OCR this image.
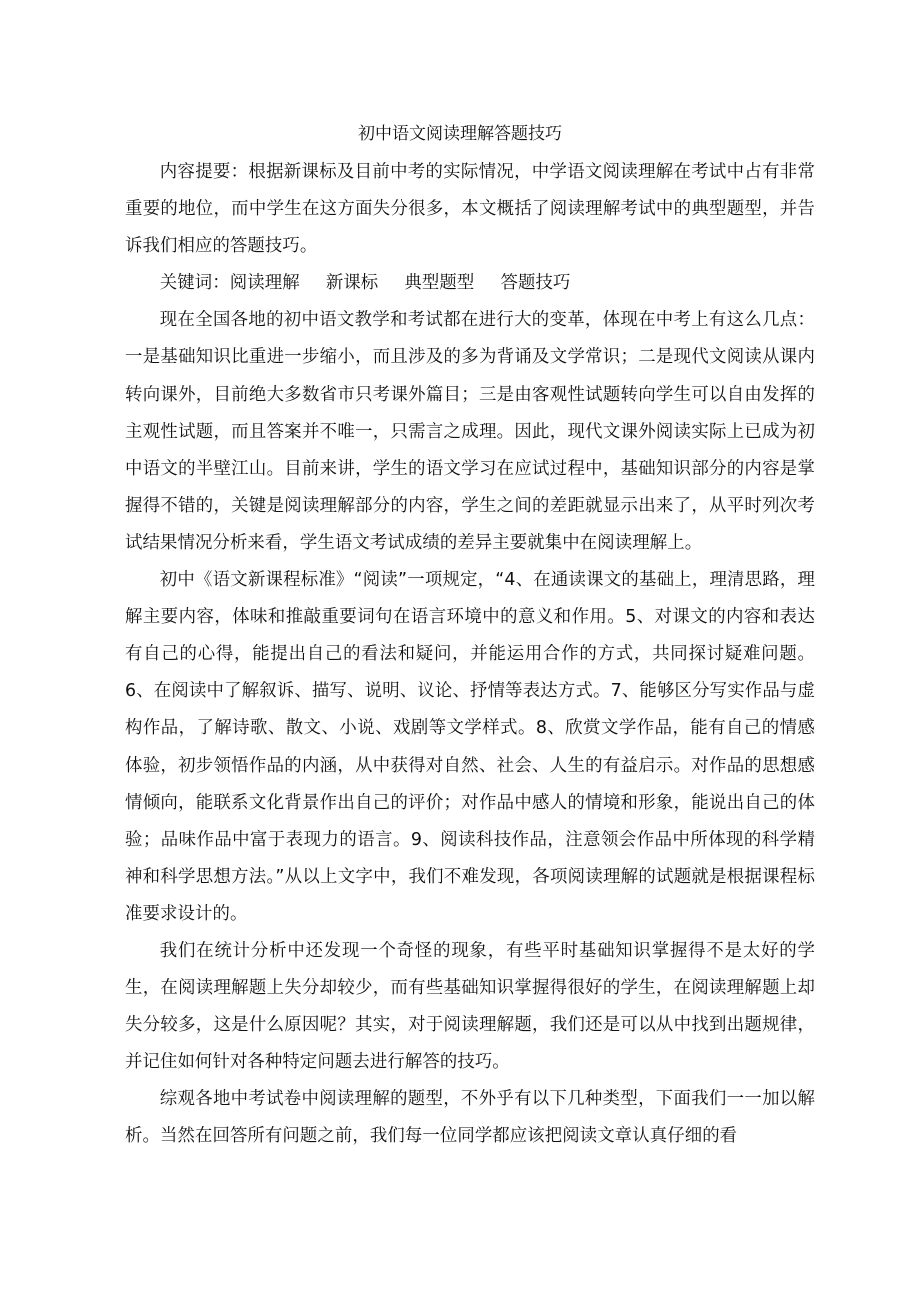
初中语文阅读理解答题技巧

内容提要：根据新课标及目前中考的实际情况，中学语文阅读理解在考试中占有非常重要的地位，而中学生在这方面失分很多，本文概括了阅读理解考试中的典型题型，并告诉我们相应的答题技巧。

关键词：阅读理解 新课标 典型题型 答题技巧

现在全国各地的初中语文教学和考试都在进行大的变革，体现在中考上有这么几点：一是基础知识比重进一步缩小，而且涉及的多为背诵及文学常识；二是现代文阅读从课内转向课外，目前绝大多数省市只考课外篇目；三是由客观性试题转向学生可以自由发挥的主观性试题，而且答案并不唯一，只需言之成理。因此，现代文课外阅读实际上已成为初中语文的半壁江山。目前来讲，学生的语文学习在应试过程中，基础知识部分的内容是掌握得不错的，关键是阅读理解部分的内容，学生之间的差距就显示出来了，从平时列次考试结果情况分析来看，学生语文考试成绩的差异主要就集中在阅读理解上。

初中《语文新课程标准》“阅读”一项规定，“4、在通读课文的基础上，理清思路，理解主要内容，体味和推敲重要词句在语言环境中的意义和作用。5、对课文的内容和表达有自己的心得，能提出自己的看法和疑问，并能运用合作的方式，共同探讨疑难问题。6、在阅读中了解叙诉、描写、说明、议论、抒情等表达方式。7、能够区分写实作品与虚构作品，了解诗歌、散文、小说、戏剧等文学样式。8、欣赏文学作品，能有自己的情感体验，初步领悟作品的内涵，从中获得对自然、社会、人生的有益启示。对作品的思想感情倾向，能联系文化背景作出自己的评价；对作品中感人的情境和形象，能说出自己的体验；品味作品中富于表现力的语言。9、阅读科技作品，注意领会作品中所体现的科学精神和科学思想方法。”从以上文字中，我们不难发现，各项阅读理解的试题就是根据课程标准要求设计的。

我们在统计分析中还发现一个奇怪的现象，有些平时基础知识掌握得不是太好的学生，在阅读理解题上失分却较少，而有些基础知识掌握得很好的学生，在阅读理解题上却失分较多，这是什么原因呢？其实，对于阅读理解题，我们还是可以从中找到出题规律，并记住如何针对各种特定问题去进行解答的技巧。

综观各地中考试卷中阅读理解的题型，不外乎有以下几种类型，下面我们一一加以解析。当然在回答所有问题之前，我们每一位同学都应该把阅读文章认真仔细的看
